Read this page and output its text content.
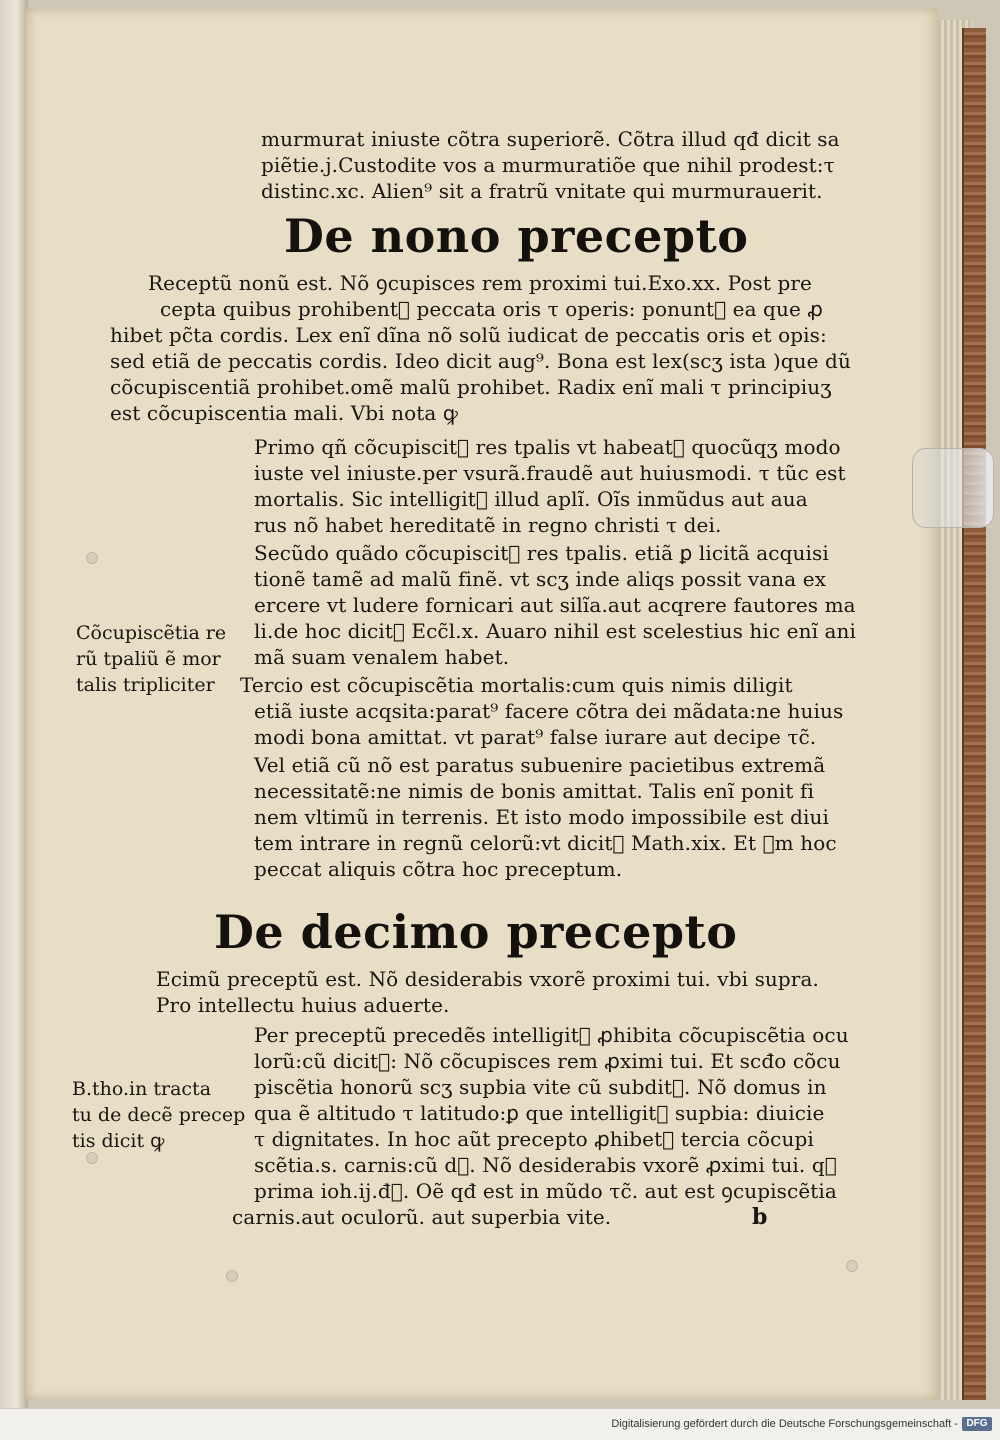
murmurat iniuste cõtra superiorẽ. Cõtra illud qđ dicit sa

piẽtie.j.Custodite vos a murmuratiõe que nihil prodest:τ

distinc.xc. Alien⁹ sit a fratrũ vnitate qui murmurauerit.

De nono precepto

Receptũ nonũ est. Nõ ꝯcupisces rem proximi tui.Exo.xx. Post pre

cepta quibus prohibentᷣ peccata oris τ operis: ponuntᷣ ea que ꝓ

hibet pc̃ta cordis. Lex enĩ dĩna nõ solũ iudicat de peccatis oris et opis:

sed etiã de peccatis cordis. Ideo dicit aug⁹. Bona est lex(scʒ ista )que dũ

cõcupiscentiã prohibet.omẽ malũ prohibet. Radix enĩ mali τ principiuʒ

est cõcupiscentia mali. Vbi nota ꝙ

Primo qñ cõcupiscitᷣ res tpalis vt habeatᷣ quocũqʒ modo

iuste vel iniuste.per vsurã.fraudẽ aut huiusmodi. τ tũc est

mortalis. Sic intelligitᷣ illud aplĩ. Oĩs inmũdus aut aua

rus nõ habet hereditatẽ in regno christi τ dei.

Secũdo quãdo cõcupiscitᷣ res tpalis. etiã ꝑ licitã acquisi

tionẽ tamẽ ad malũ finẽ. vt scʒ inde aliqs possit vana ex

ercere vt ludere fornicari aut silĩa.aut acqrere fautores ma

li.de hoc dicitᷣ Ecc̃l.x. Auaro nihil est scelestius hic enĩ ani

mã suam venalem habet.

Tercio est cõcupiscẽtia mortalis:cum quis nimis diligit

etiã iuste acqsita:parat⁹ facere cõtra dei mãdata:ne huius

modi bona amittat. vt parat⁹ false iurare aut decipe τc̃.

Vel etiã cũ nõ est paratus subuenire pacietibus extremã

necessitatẽ:ne nimis de bonis amittat. Talis enĩ ponit fi

nem vltimũ in terrenis. Et isto modo impossibile est diui

tem intrare in regnũ celorũ:vt dicitᷣ Math.xix. Et ꝫm hoc

peccat aliquis cõtra hoc preceptum.

Cõcupiscẽtia re

rũ tpaliũ ẽ mor

talis tripliciter

De decimo precepto

Ecimũ preceptũ est. Nõ desiderabis vxorẽ proximi tui. vbi supra.

Pro intellectu huius aduerte.

Per preceptũ precedẽs intelligitᷣ ꝓhibita cõcupiscẽtia ocu

lorũ:cũ dicitᷣ: Nõ cõcupisces rem ꝓximi tui. Et scđo cõcu

piscẽtia honorũ scʒ supbia vite cũ subditᷣ. Nõ domus in

qua ẽ altitudo τ latitudo:ꝑ que intelligitᷣ supbia: diuicie

τ dignitates. In hoc aũt precepto ꝓhibetᷣ tercia cõcupi

scẽtia.s. carnis:cũ dᷣ. Nõ desiderabis vxorẽ ꝓximi tui. qꝛ

prima ioh.ij.đᷣ. Oẽ qđ est in mũdo τc̃. aut est ꝯcupiscẽtia

carnis.aut oculorũ. aut superbia vite.

B.tho.in tracta

tu de decẽ precep

tis dicit ꝙ

b

Digitalisierung gefördert durch die Deutsche Forschungsgemeinschaft - DFG
